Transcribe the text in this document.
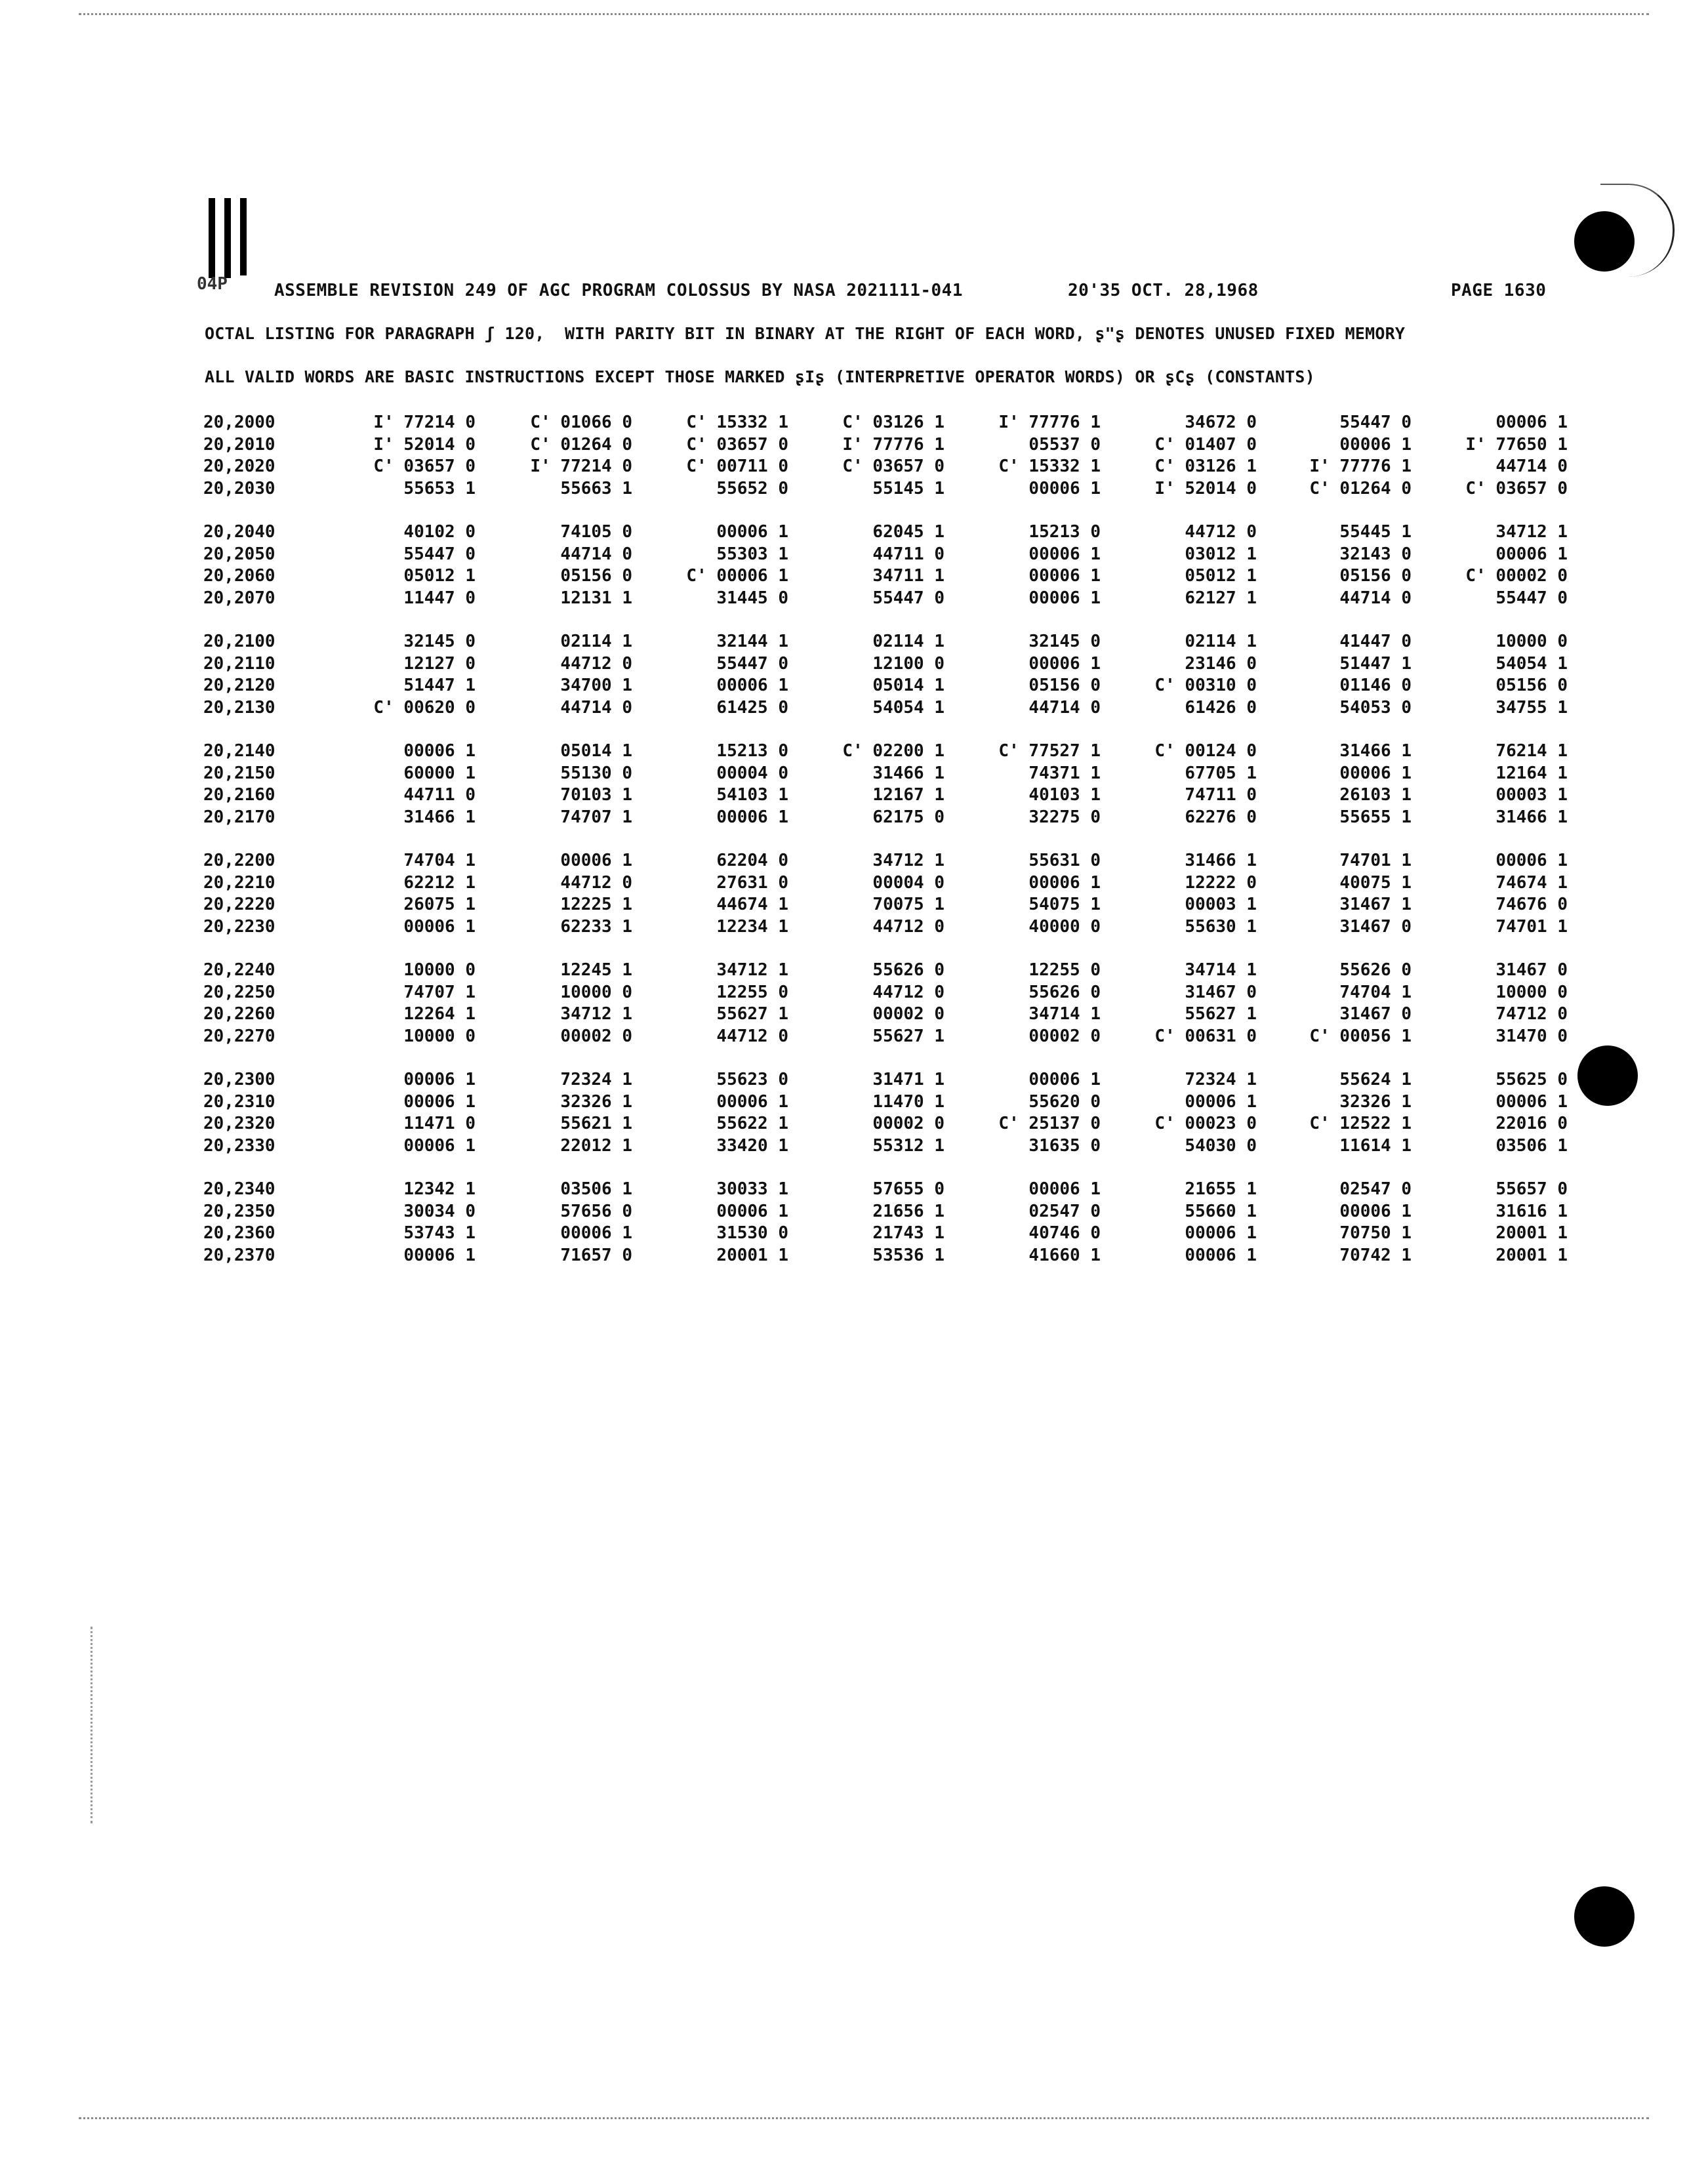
04P	ASSEMBLE REVISION 249 OF AGC PROGRAM COLOSSUS BY NASA 2021111-041	20'35 OCT. 28,1968	PAGE 1630
OCTAL LISTING FOR PARAGRAPH ʃ 120,  WITH PARITY BIT IN BINARY AT THE RIGHT OF EACH WORD, ʂ"ʂ DENOTES UNUSED FIXED MEMORY
ALL VALID WORDS ARE BASIC INSTRUCTIONS EXCEPT THOSE MARKED ʂIʂ (INTERPRETIVE OPERATOR WORDS) OR ʂCʂ (CONSTANTS)
20,2000	I' 77214 0	C' 01066 0	C' 15332 1	C' 03126 1	I' 77776 1	34672 0	55447 0	00006 1
20,2010	I' 52014 0	C' 01264 0	C' 03657 0	I' 77776 1	05537 0	C' 01407 0	00006 1	I' 77650 1
20,2020	C' 03657 0	I' 77214 0	C' 00711 0	C' 03657 0	C' 15332 1	C' 03126 1	I' 77776 1	44714 0
20,2030	55653 1	55663 1	55652 0	55145 1	00006 1	I' 52014 0	C' 01264 0	C' 03657 0
20,2040	40102 0	74105 0	00006 1	62045 1	15213 0	44712 0	55445 1	34712 1
20,2050	55447 0	44714 0	55303 1	44711 0	00006 1	03012 1	32143 0	00006 1
20,2060	05012 1	05156 0	C' 00006 1	34711 1	00006 1	05012 1	05156 0	C' 00002 0
20,2070	11447 0	12131 1	31445 0	55447 0	00006 1	62127 1	44714 0	55447 0
20,2100	32145 0	02114 1	32144 1	02114 1	32145 0	02114 1	41447 0	10000 0
20,2110	12127 0	44712 0	55447 0	12100 0	00006 1	23146 0	51447 1	54054 1
20,2120	51447 1	34700 1	00006 1	05014 1	05156 0	C' 00310 0	01146 0	05156 0
20,2130	C' 00620 0	44714 0	61425 0	54054 1	44714 0	61426 0	54053 0	34755 1
20,2140	00006 1	05014 1	15213 0	C' 02200 1	C' 77527 1	C' 00124 0	31466 1	76214 1
20,2150	60000 1	55130 0	00004 0	31466 1	74371 1	67705 1	00006 1	12164 1
20,2160	44711 0	70103 1	54103 1	12167 1	40103 1	74711 0	26103 1	00003 1
20,2170	31466 1	74707 1	00006 1	62175 0	32275 0	62276 0	55655 1	31466 1
20,2200	74704 1	00006 1	62204 0	34712 1	55631 0	31466 1	74701 1	00006 1
20,2210	62212 1	44712 0	27631 0	00004 0	00006 1	12222 0	40075 1	74674 1
20,2220	26075 1	12225 1	44674 1	70075 1	54075 1	00003 1	31467 1	74676 0
20,2230	00006 1	62233 1	12234 1	44712 0	40000 0	55630 1	31467 0	74701 1
20,2240	10000 0	12245 1	34712 1	55626 0	12255 0	34714 1	55626 0	31467 0
20,2250	74707 1	10000 0	12255 0	44712 0	55626 0	31467 0	74704 1	10000 0
20,2260	12264 1	34712 1	55627 1	00002 0	34714 1	55627 1	31467 0	74712 0
20,2270	10000 0	00002 0	44712 0	55627 1	00002 0	C' 00631 0	C' 00056 1	31470 0
20,2300	00006 1	72324 1	55623 0	31471 1	00006 1	72324 1	55624 1	55625 0
20,2310	00006 1	32326 1	00006 1	11470 1	55620 0	00006 1	32326 1	00006 1
20,2320	11471 0	55621 1	55622 1	00002 0	C' 25137 0	C' 00023 0	C' 12522 1	22016 0
20,2330	00006 1	22012 1	33420 1	55312 1	31635 0	54030 0	11614 1	03506 1
20,2340	12342 1	03506 1	30033 1	57655 0	00006 1	21655 1	02547 0	55657 0
20,2350	30034 0	57656 0	00006 1	21656 1	02547 0	55660 1	00006 1	31616 1
20,2360	53743 1	00006 1	31530 0	21743 1	40746 0	00006 1	70750 1	20001 1
20,2370	00006 1	71657 0	20001 1	53536 1	41660 1	00006 1	70742 1	20001 1
